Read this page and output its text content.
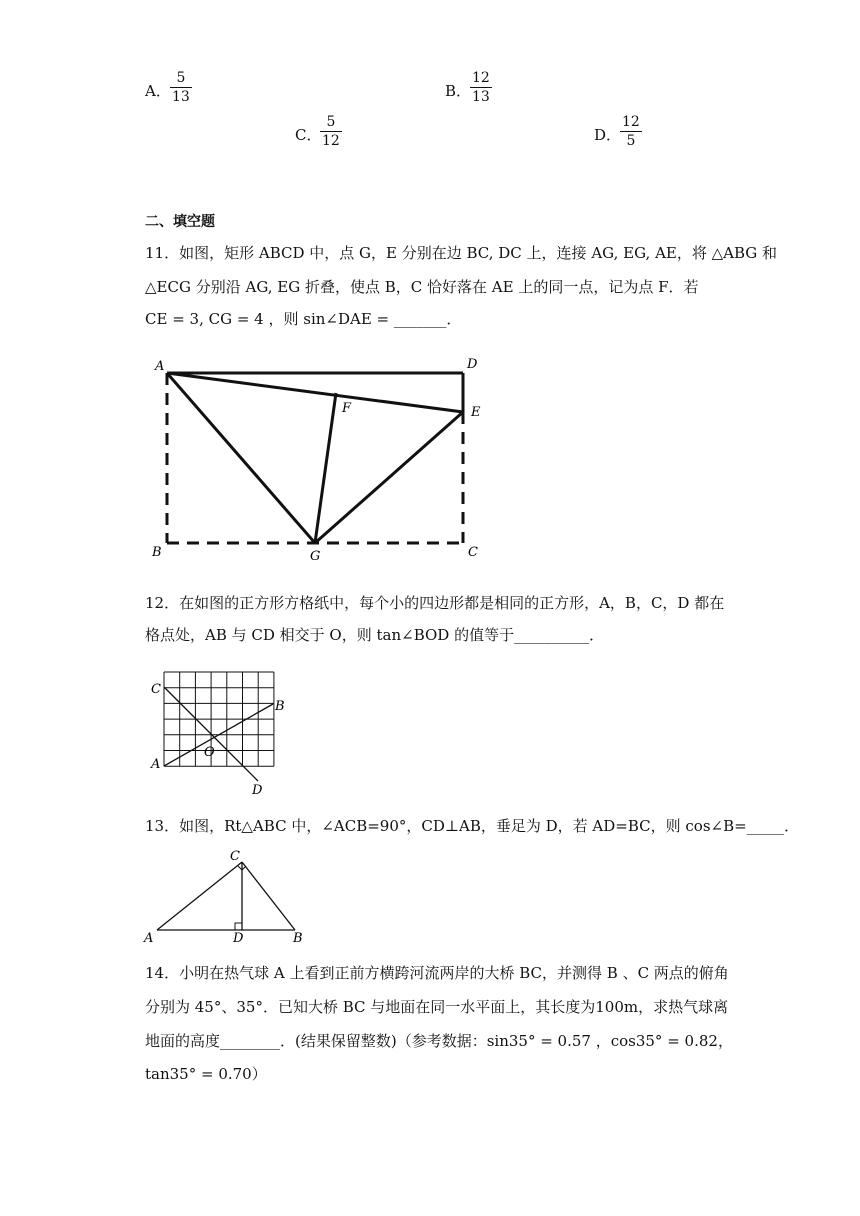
A．
5
13	B．
12
13
C．
5
12	D．
12
5
二、填空题
11．如图，矩形 ABCD 中，点 G，E 分别在边 BC, DC 上，连接 AG, EG, AE，将 △ABG 和
△ECG 分别沿 AG, EG 折叠，使点 B，C 恰好落在 AE 上的同一点，记为点 F．若
CE = 3, CG = 4 ，则 sin∠DAE = _______．
A	D
E
F
B	G	C
12．在如图的正方形方格纸中，每个小的四边形都是相同的正方形，A，B，C，D 都在
格点处，AB 与 CD 相交于 O，则 tan∠BOD 的值等于__________．
C
B
A
O
D
13．如图，Rt△ABC 中，∠ACB=90°，CD⊥AB，垂足为 D，若 AD=BC，则 cos∠B=_____．
A	D	B
C
14．小明在热气球 A 上看到正前方横跨河流两岸的大桥 BC，并测得 B 、C 两点的俯角
分别为 45°、35°．已知大桥 BC 与地面在同一水平面上，其长度为100m，求热气球离
地面的高度________．(结果保留整数)（参考数据：sin35° = 0.57 ，cos35° = 0.82，
tan35° = 0.70）
